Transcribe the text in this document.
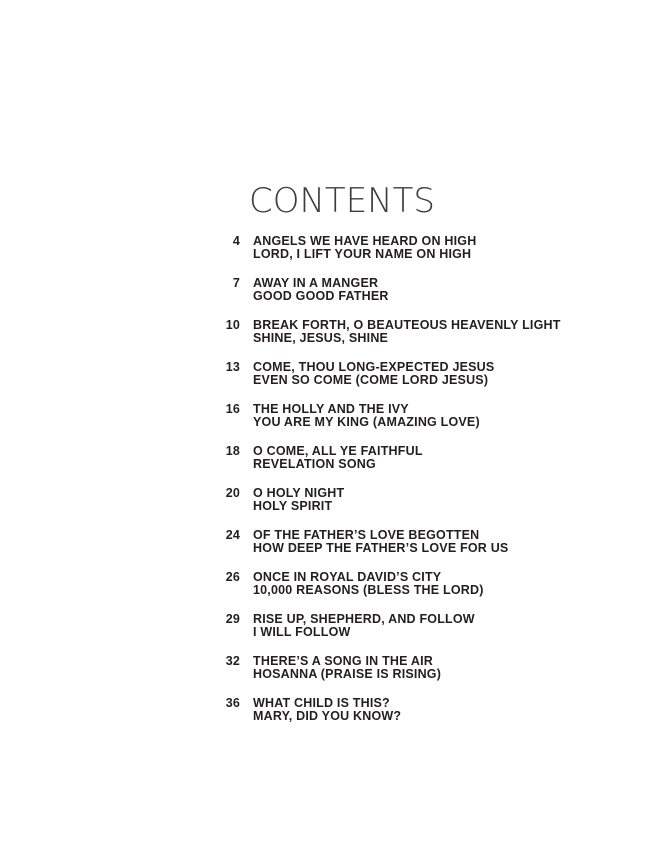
CONTENTS
4 ANGELS WE HAVE HEARD ON HIGH
LORD, I LIFT YOUR NAME ON HIGH
7 AWAY IN A MANGER
GOOD GOOD FATHER
10 BREAK FORTH, O BEAUTEOUS HEAVENLY LIGHT
SHINE, JESUS, SHINE
13 COME, THOU LONG-EXPECTED JESUS
EVEN SO COME (COME LORD JESUS)
16 THE HOLLY AND THE IVY
YOU ARE MY KING (AMAZING LOVE)
18 O COME, ALL YE FAITHFUL
REVELATION SONG
20 O HOLY NIGHT
HOLY SPIRIT
24 OF THE FATHER’S LOVE BEGOTTEN
HOW DEEP THE FATHER’S LOVE FOR US
26 ONCE IN ROYAL DAVID’S CITY
10,000 REASONS (BLESS THE LORD)
29 RISE UP, SHEPHERD, AND FOLLOW
I WILL FOLLOW
32 THERE’S A SONG IN THE AIR
HOSANNA (PRAISE IS RISING)
36 WHAT CHILD IS THIS?
MARY, DID YOU KNOW?
